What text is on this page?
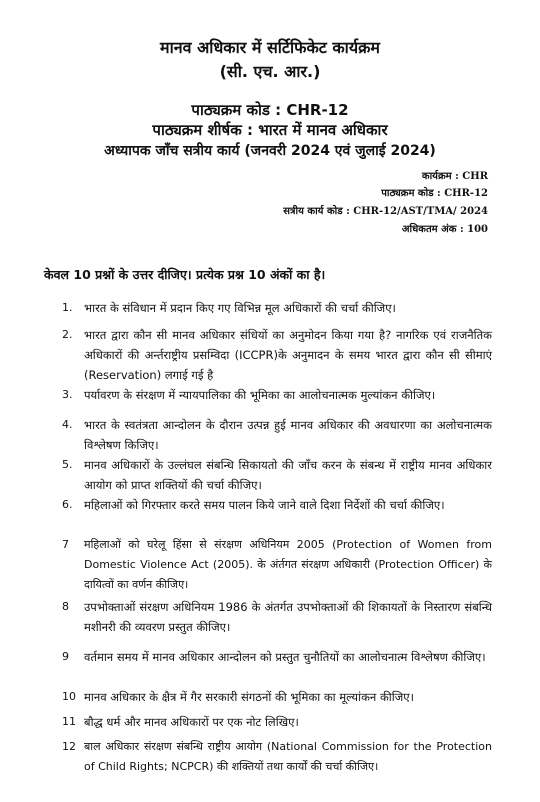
मानव अधिकार में सर्टिफिकेट कार्यक्रम
(सी. एच. आर.)
पाठ्यक्रम कोड : CHR-12
पाठ्यक्रम शीर्षक : भारत में मानव अधिकार
अध्यापक जाँच सत्रीय कार्य (जनवरी 2024 एवं जुलाई 2024)
कार्यक्रम : CHR
पाठ्यक्रम कोड : CHR-12
सत्रीय कार्य कोड : CHR-12/AST/TMA/ 2024
अधिकतम अंक : 100
केवल 10 प्रश्नों के उत्तर दीजिए। प्रत्येक प्रश्न 10 अंकों का है।
1.	भारत के संविधान में प्रदान किए गए विभिन्न मूल अधिकारों की चर्चा कीजिए।
2.	भारत द्वारा कौन सी मानव अधिकार संधियों का अनुमोदन किया गया है? नागरिक एवं राजनैतिक अधिकारों की अर्न्तराष्ट्रीय प्रसम्विदा (ICCPR)के अनुमादन के समय भारत द्वारा कौन सी सीमाएं (Reservation) लगाई गई है
3.	पर्यावरण के संरक्षण में न्यायपालिका की भूमिका का आलोचनात्मक मुल्यांकन कीजिए।
4.	भारत के स्वतंत्रता आन्दोलन के दौरान उत्पन्न हुई मानव अधिकार की अवधारणा का अलोचनात्मक विश्लेषण किजिए।
5.	मानव अधिकारों के उल्लंघल संबन्धि सिकायतो की जाँच करन के संबन्ध में राष्ट्रीय मानव अधिकार आयोग को प्राप्त शक्तियों की चर्चा कीजिए।
6.	महिलाओं को गिरफ्तार करते समय पालन किये जाने वाले दिशा निर्देशों की चर्चा कीजिए।
7	महिलाओं को घरेलू हिंसा से संरक्षण अधिनियम 2005 (Protection of Women from Domestic Violence Act (2005). के अंर्तगत संरक्षण अधिकारी (Protection Officer) के दायित्वों का वर्णन कीजिए।
8	उपभोक्ताओं संरक्षण अधिनियम 1986 के अंतर्गत उपभोक्ताओं की शिकायतों के निस्तारण संबन्धि मशीनरी की व्यवरण प्रस्तुत कीजिए।
9	वर्तमान समय में मानव अधिकार आन्दोलन को प्रस्तुत चुनौतियों का आलोचनात्म विश्लेषण कीजिए।
10 मानव अधिकार के क्षैत्र में गैर सरकारी संगठनों की भूमिका का मूल्यांकन कीजिए।
11 बौद्ध धर्म और मानव अधिकारों पर एक नोट लिखिए।
12 बाल अधिकार संरक्षण संबन्धि राष्ट्रीय आयोग (National Commission for the Protection of Child Rights; NCPCR) की शक्तियों तथा कार्यों की चर्चा कीजिए।
